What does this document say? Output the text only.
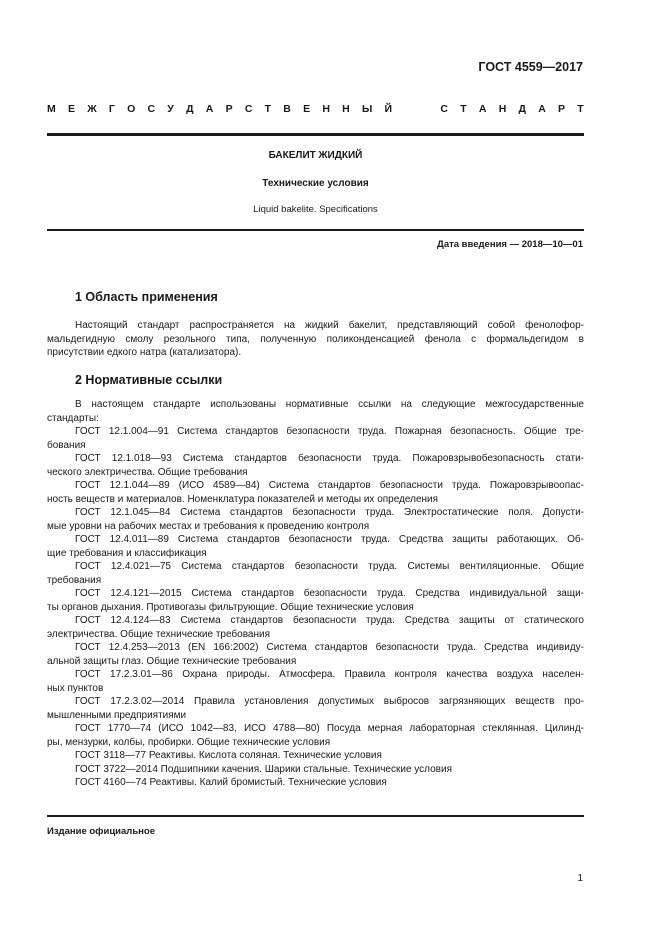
ГОСТ 4559—2017
М Е Ж Г О С У Д А Р С Т В Е Н Н Ы Й	С Т А Н Д А Р Т
БАКЕЛИТ ЖИДКИЙ
Технические условия
Liquid bakelite. Specifications
Дата введения — 2018—10—01
1 Область применения
Настоящий стандарт распространяется на жидкий бакелит, представляющий собой фенолофор-
мальдегидную смолу резольного типа, полученную поликонденсацией фенола с формальдегидом в
присутствии едкого натра (катализатора).
2 Нормативные ссылки
В настоящем стандарте использованы нормативные ссылки на следующие межгосударственные
стандарты:
ГОСТ 12.1.004—91 Система стандартов безопасности труда. Пожарная безопасность. Общие тре-
бования
ГОСТ 12.1.018—93 Система стандартов безопасности труда. Пожаровзрывобезопасность стати-
ческого электричества. Общие требования
ГОСТ 12.1.044—89 (ИСО 4589—84) Система стандартов безопасности труда. Пожаровзрывоопас-
ность веществ и материалов. Номенклатура показателей и методы их определения
ГОСТ 12.1.045—84 Система стандартов безопасности труда. Электростатические поля. Допусти-
мые уровни на рабочих местах и требования к проведению контроля
ГОСТ 12.4.011—89 Система стандартов безопасности труда. Средства защиты работающих. Об-
щие требования и классификация
ГОСТ 12.4.021—75 Система стандартов безопасности труда. Системы вентиляционные. Общие
требования
ГОСТ 12.4.121—2015 Система стандартов безопасности труда. Средства индивидуальной защи-
ты органов дыхания. Противогазы фильтрующие. Общие технические условия
ГОСТ 12.4.124—83 Система стандартов безопасности труда. Средства защиты от статического
электричества. Общие технические требования
ГОСТ 12.4.253—2013 (EN 166:2002) Система стандартов безопасности труда. Средства индивиду-
альной защиты глаз. Общие технические требования
ГОСТ 17.2.3.01—86 Охрана природы. Атмосфера. Правила контроля качества воздуха населен-
ных пунктов
ГОСТ 17.2.3.02—2014 Правила установления допустимых выбросов загрязняющих веществ про-
мышленными предприятиями
ГОСТ 1770—74 (ИСО 1042—83, ИСО 4788—80) Посуда мерная лабораторная стеклянная. Цилинд-
ры, мензурки, колбы, пробирки. Общие технические условия
ГОСТ 3118—77 Реактивы. Кислота соляная. Технические условия
ГОСТ 3722—2014 Подшипники качения. Шарики стальные. Технические условия
ГОСТ 4160—74 Реактивы. Калий бромистый. Технические условия
Издание официальное
1
